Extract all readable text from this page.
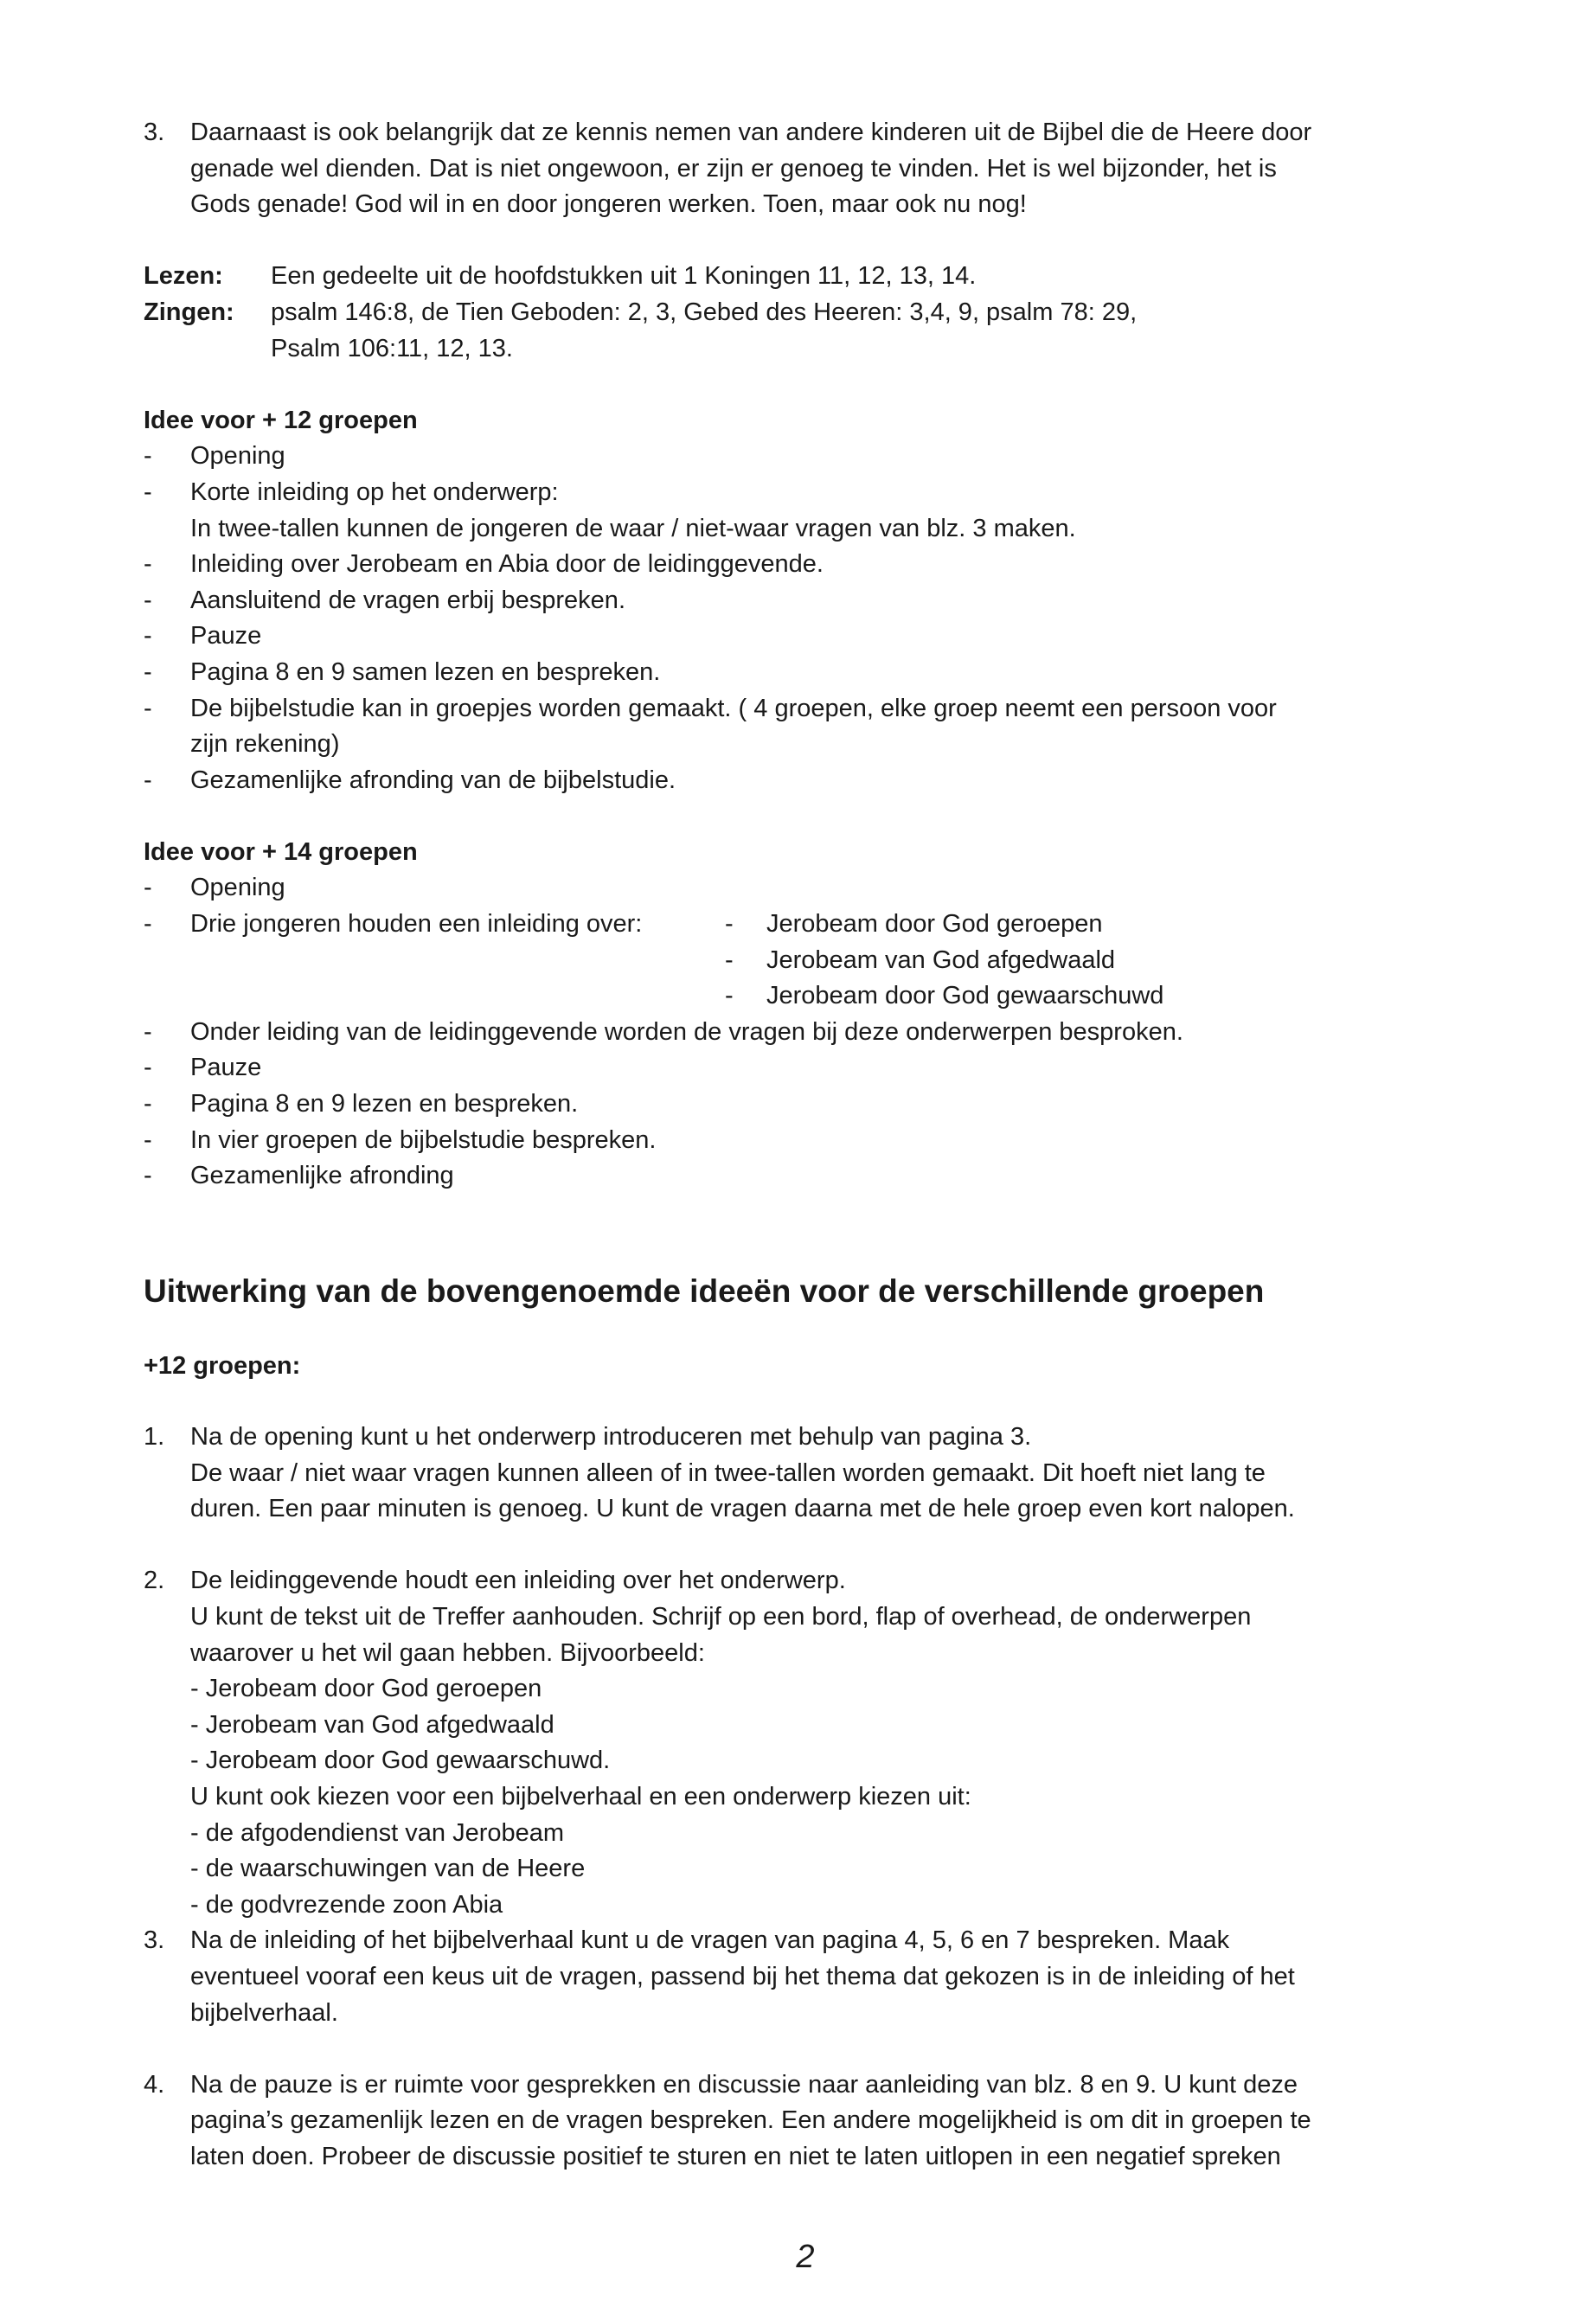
3. Daarnaast is ook belangrijk dat ze kennis nemen van andere kinderen uit de Bijbel die de Heere door
genade wel dienden. Dat is niet ongewoon, er zijn er genoeg te vinden. Het is wel bijzonder, het is
Gods genade! God wil in en door jongeren werken. Toen, maar ook nu nog!
Lezen: Een gedeelte uit de hoofdstukken uit 1 Koningen 11, 12, 13, 14.
Zingen: psalm 146:8, de Tien Geboden: 2, 3, Gebed des Heeren: 3,4, 9, psalm 78: 29,
Psalm 106:11, 12, 13.
Idee voor + 12 groepen
- Opening
- Korte inleiding op het onderwerp:
In twee-tallen kunnen de jongeren de waar / niet-waar vragen van blz. 3 maken.
- Inleiding over Jerobeam en Abia door de leidinggevende.
- Aansluitend de vragen erbij bespreken.
- Pauze
- Pagina 8 en 9 samen lezen en bespreken.
- De bijbelstudie kan in groepjes worden gemaakt. ( 4 groepen, elke groep neemt een persoon voor
zijn rekening)
- Gezamenlijke afronding van de bijbelstudie.
Idee voor + 14 groepen
- Opening
- Drie jongeren houden een inleiding over:	- Jerobeam door God geroepen
- Jerobeam van God afgedwaald
- Jerobeam door God gewaarschuwd
- Onder leiding van de leidinggevende worden de vragen bij deze onderwerpen besproken.
- Pauze
- Pagina 8 en 9 lezen en bespreken.
- In vier groepen de bijbelstudie bespreken.
- Gezamenlijke afronding
Uitwerking van de bovengenoemde ideeën voor de verschillende groepen
+12 groepen:
1. Na de opening kunt u het onderwerp introduceren met behulp van pagina 3.
De waar / niet waar vragen kunnen alleen of in twee-tallen worden gemaakt. Dit hoeft niet lang te
duren. Een paar minuten is genoeg. U kunt de vragen daarna met de hele groep even kort nalopen.
2. De leidinggevende houdt een inleiding over het onderwerp.
U kunt de tekst uit de Treffer aanhouden. Schrijf op een bord, flap of overhead, de onderwerpen
waarover u het wil gaan hebben. Bijvoorbeeld:
- Jerobeam door God geroepen
- Jerobeam van God afgedwaald
- Jerobeam door God gewaarschuwd.
U kunt ook kiezen voor een bijbelverhaal en een onderwerp kiezen uit:
- de afgodendienst van Jerobeam
- de waarschuwingen van de Heere
- de godvrezende zoon Abia
3. Na de inleiding of het bijbelverhaal kunt u de vragen van pagina 4, 5, 6 en 7 bespreken. Maak
eventueel vooraf een keus uit de vragen, passend bij het thema dat gekozen is in de inleiding of het
bijbelverhaal.
4. Na de pauze is er ruimte voor gesprekken en discussie naar aanleiding van blz. 8 en 9. U kunt deze
pagina’s gezamenlijk lezen en de vragen bespreken. Een andere mogelijkheid is om dit in groepen te
laten doen. Probeer de discussie positief te sturen en niet te laten uitlopen in een negatief spreken
2
